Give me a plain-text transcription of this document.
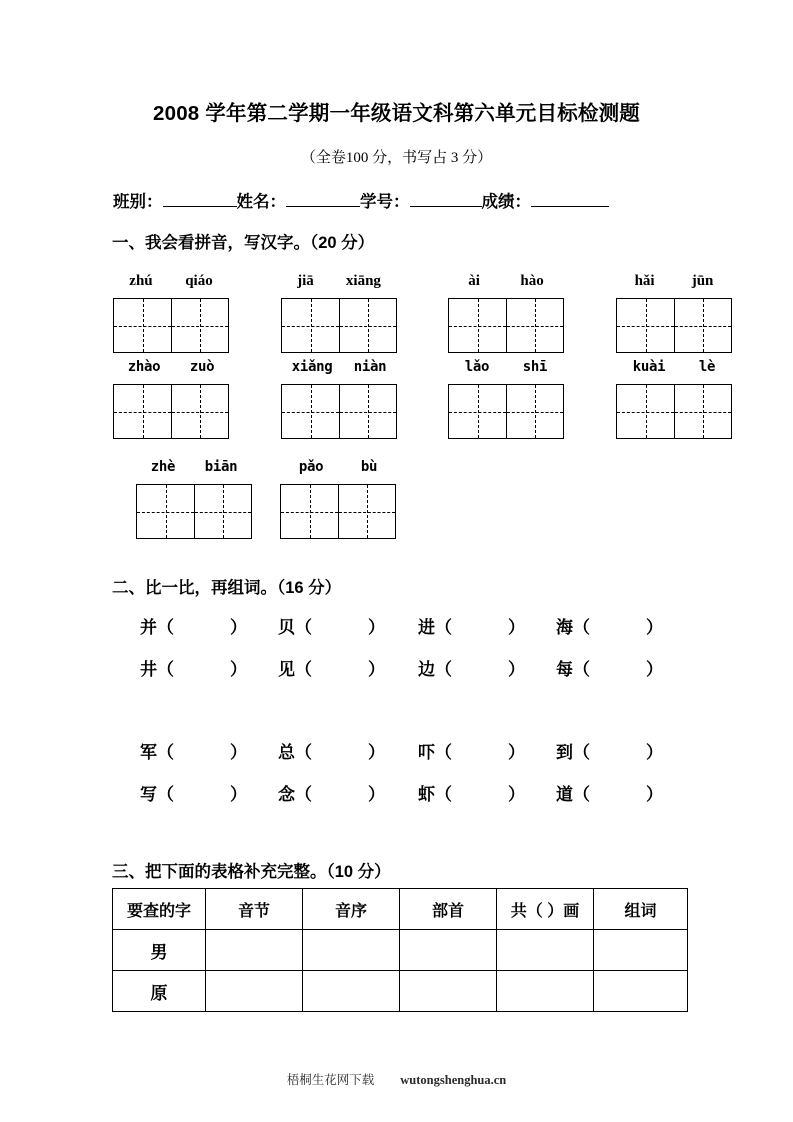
2008 学年第二学期一年级语文科第六单元目标检测题
（全卷100 分，书写占 3 分）
班别：	姓名：	学号：	成绩：
一、我会看拼音，写汉字。（20 分）
zhú qiáo	jiā xiāng	ài	hào	hǎi jūn
zhào zuò	xiǎng niàn	lǎo shī	kuài lè
zhè biān	pǎo	bù
二、比一比，再组词。（16 分）
并（	） 贝（	） 进（	） 海（	）
井（	） 见（	） 边（	） 每（	）
军（	） 总（	） 吓（	） 到（	）
写（	） 念（	） 虾（	） 道（	）
三、把下面的表格补充完整。（10 分）
要查的字	音节	音序	部首	共（ ）画	组词
男					
原					
梧桐生花网下载 wutongshenghua.cn
